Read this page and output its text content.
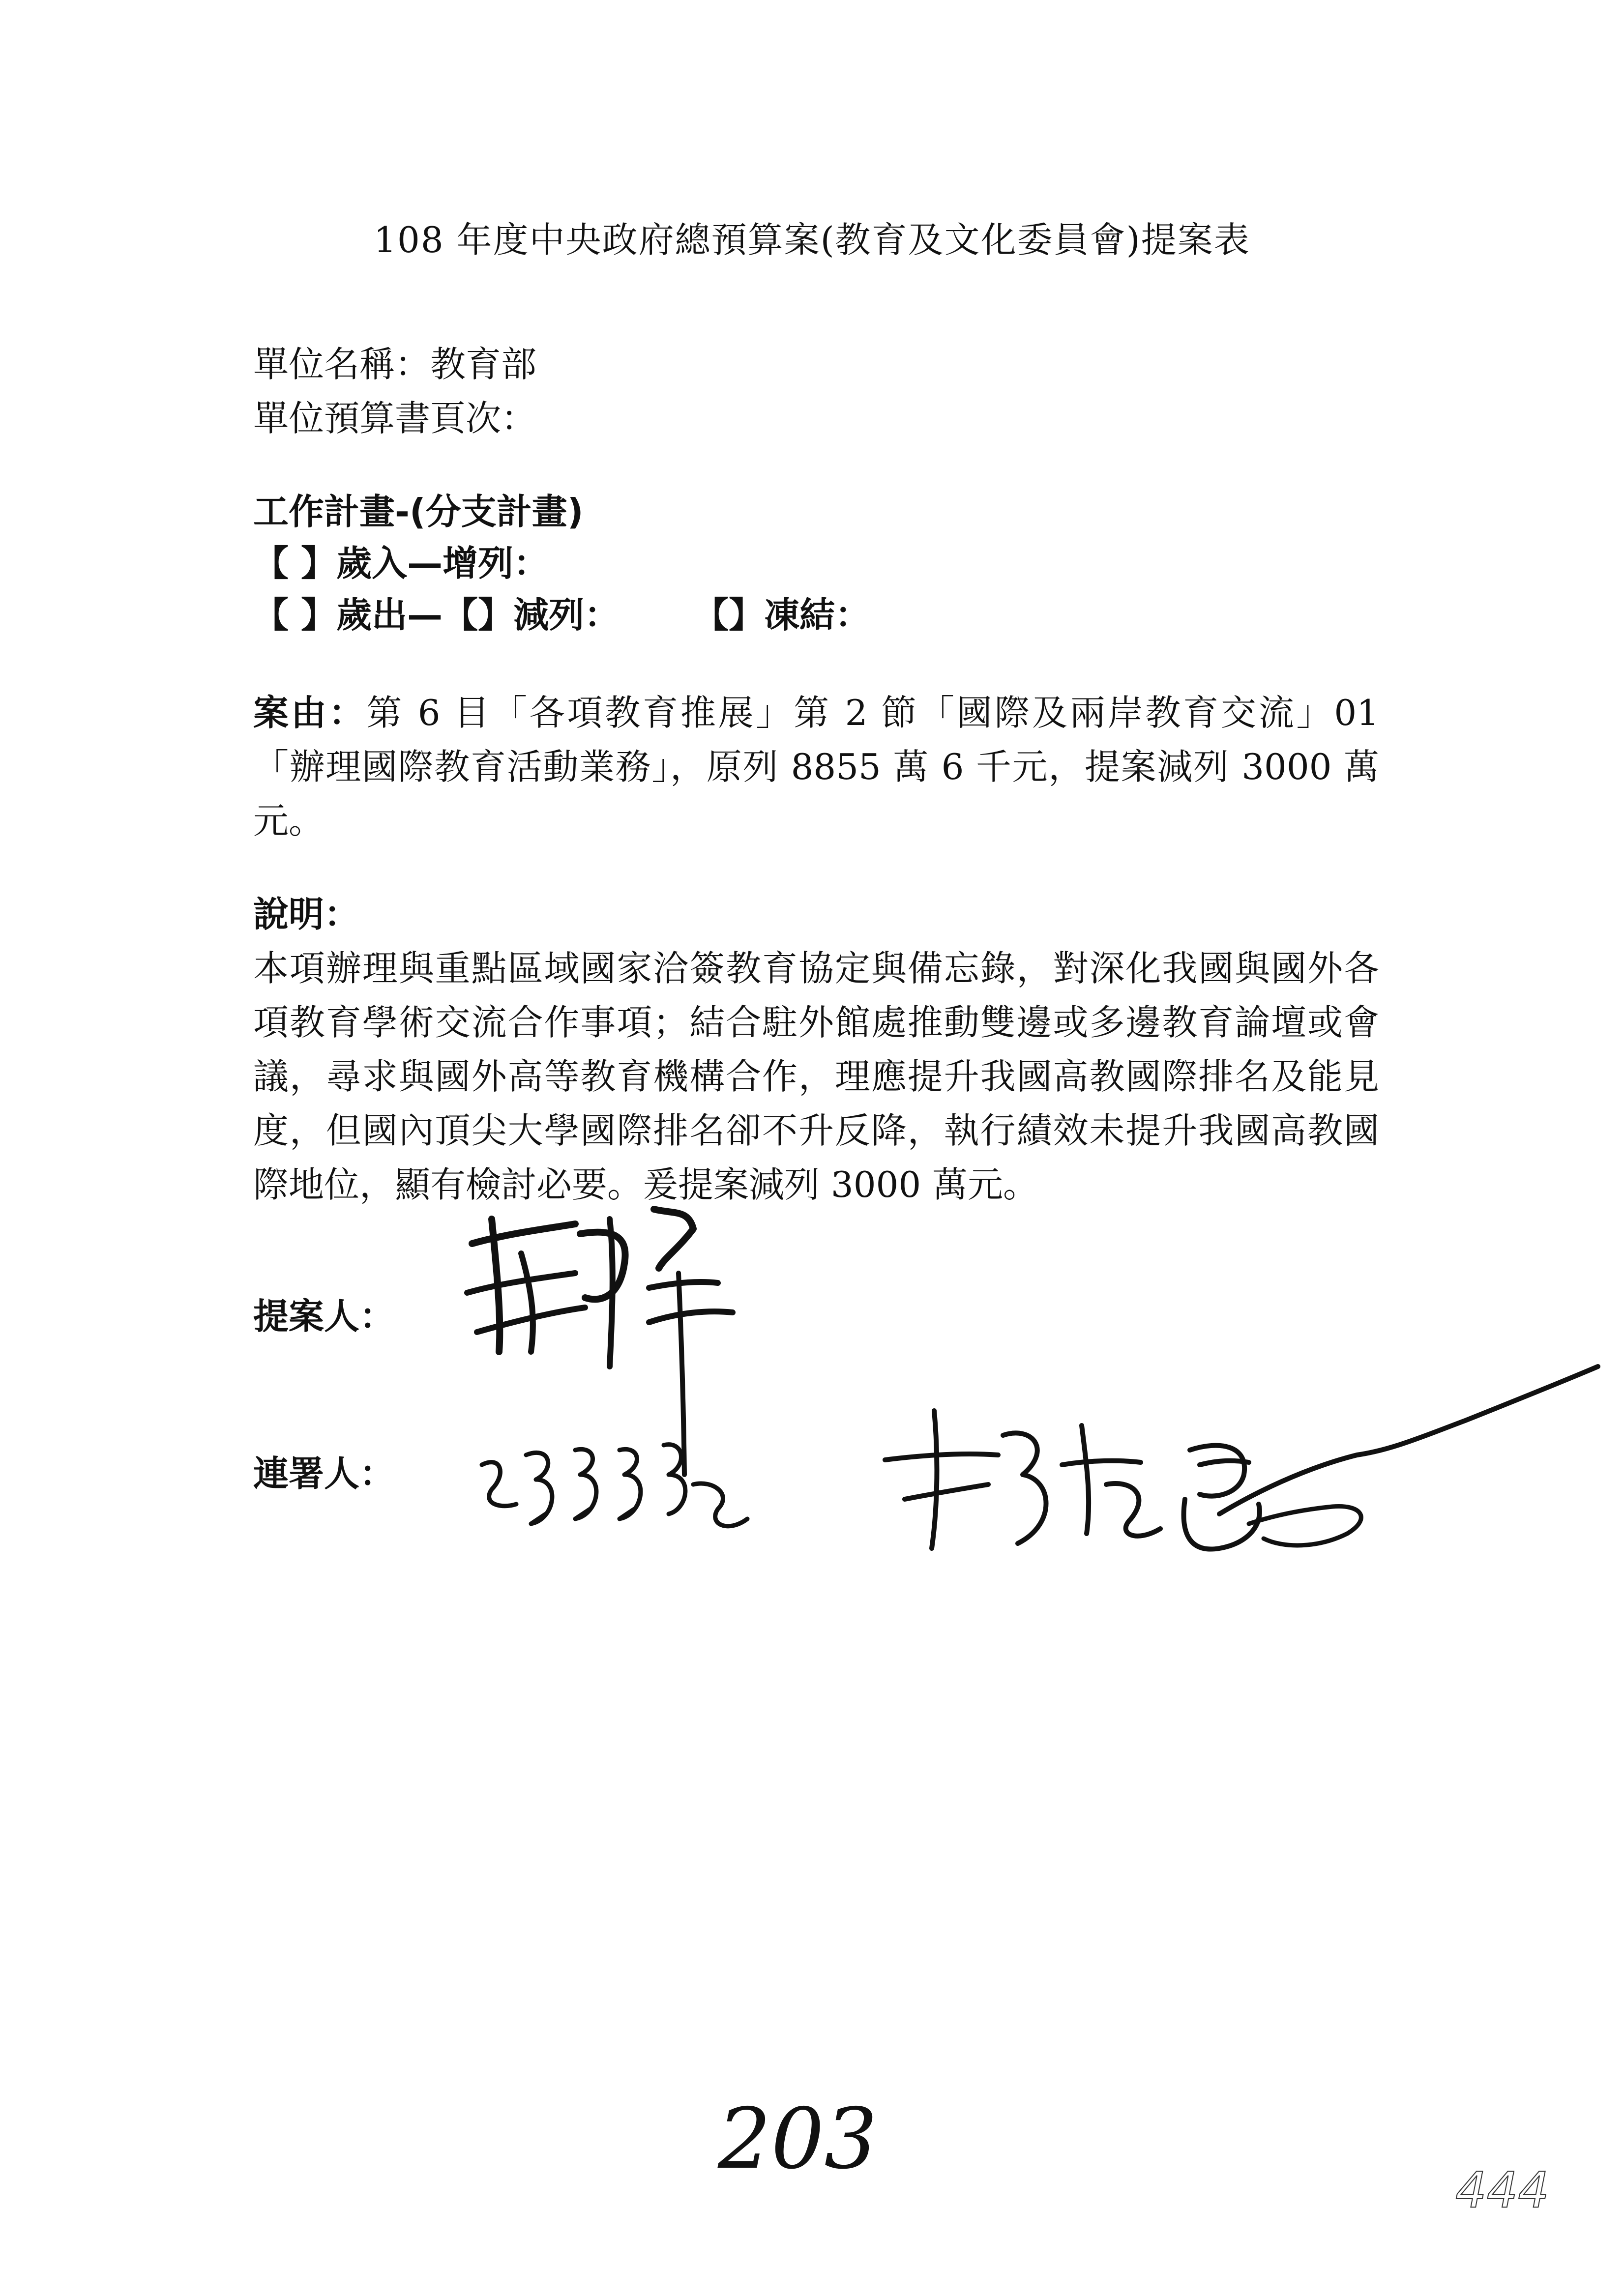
108 年度中央政府總預算案(教育及文化委員會)提案表
單位名稱：教育部
單位預算書頁次：
工作計畫-(分支計畫)
【 】歲入—增列：
【 】歲出—【】減列： 【】凍結：
案由：第 6 目「各項教育推展」第 2 節「國際及兩岸教育交流」01「辦理國際教育活動業務」，原列 8855 萬 6 千元，提案減列 3000 萬元。
說明：
本項辦理與重點區域國家洽簽教育協定與備忘錄，對深化我國與國外各項教育學術交流合作事項；結合駐外館處推動雙邊或多邊教育論壇或會議，尋求與國外高等教育機構合作，理應提升我國高教國際排名及能見度，但國內頂尖大學國際排名卻不升反降，執行績效未提升我國高教國際地位，顯有檢討必要。爰提案減列 3000 萬元。
提案人：
連署人：
203
444
